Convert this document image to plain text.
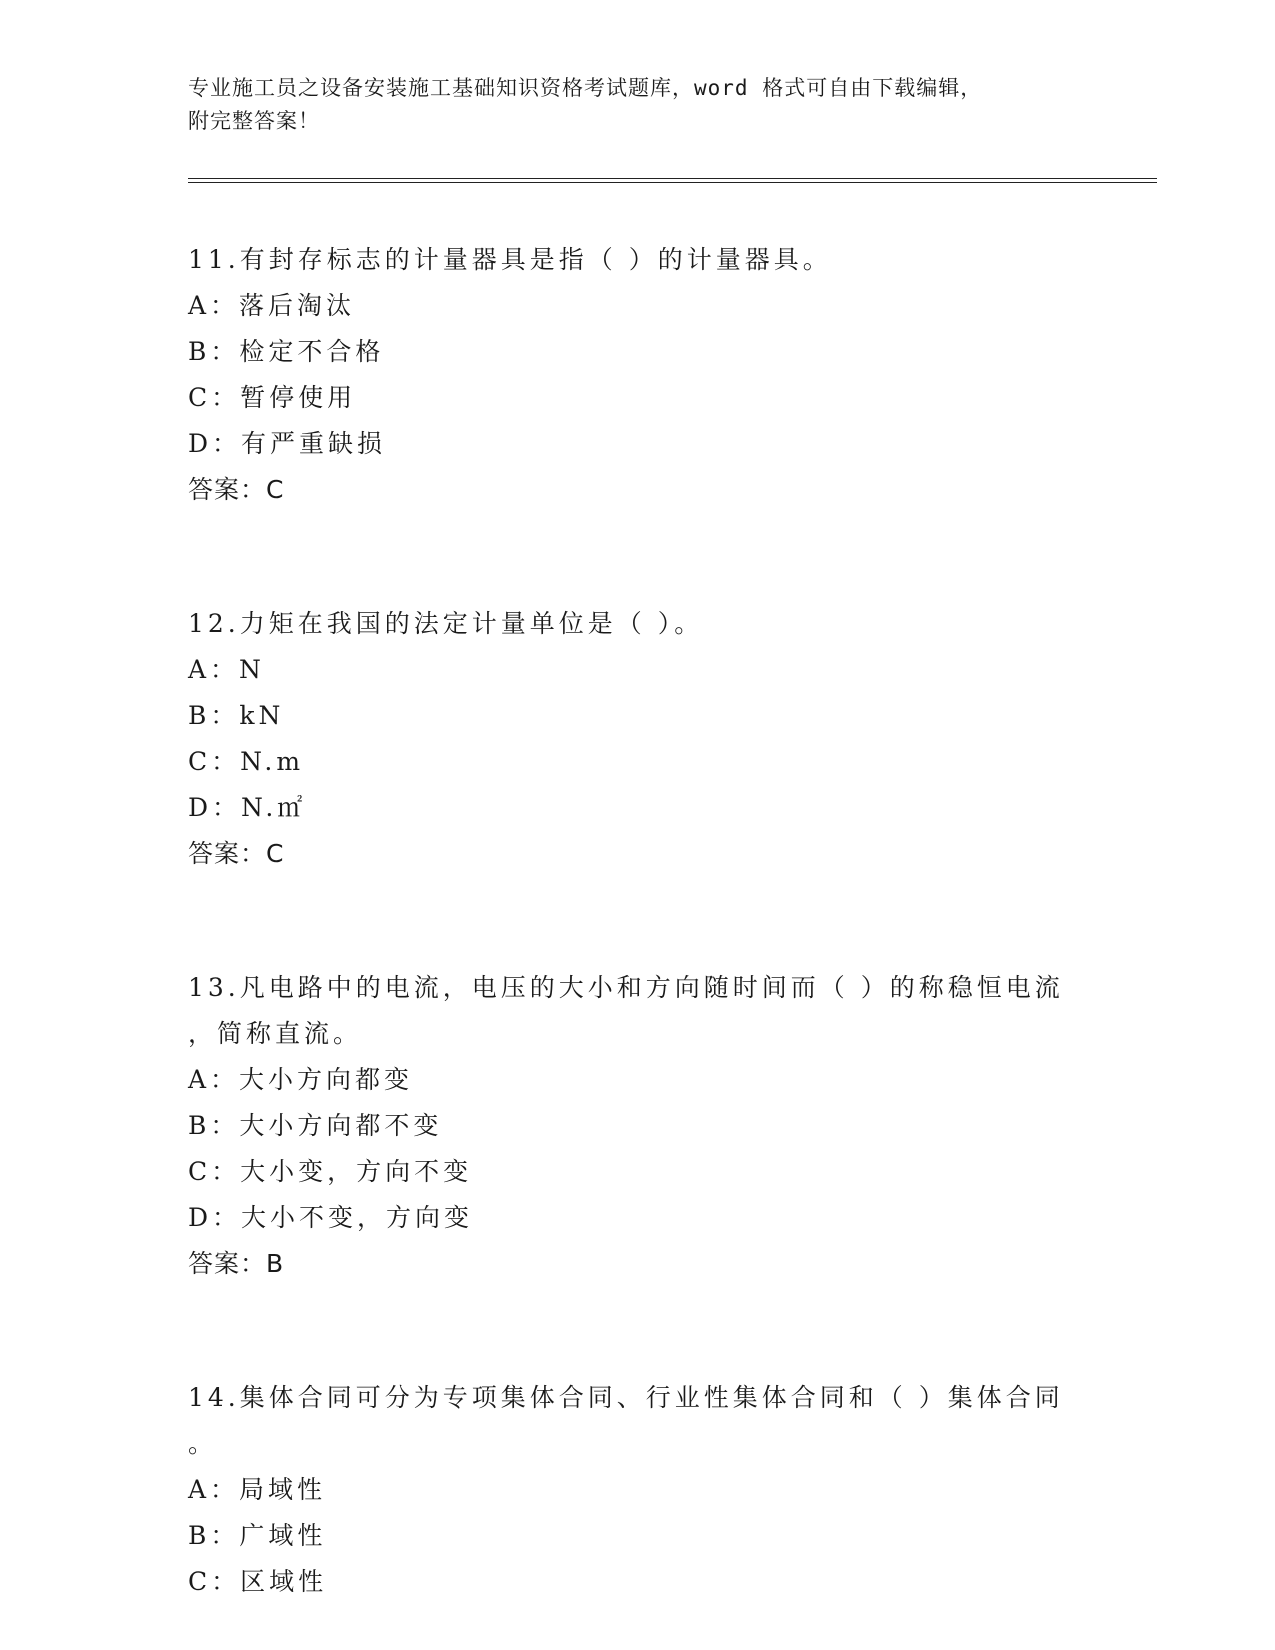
专业施工员之设备安装施工基础知识资格考试题库，word 格式可自由下载编辑，
附完整答案！
11.有封存标志的计量器具是指（ ）的计量器具。
A：落后淘汰
B：检定不合格
C：暂停使用
D：有严重缺损
答案：C
12.力矩在我国的法定计量单位是（ ）。
A：N
B：kN
C：N.m
D：N.㎡
答案：C
13.凡电路中的电流，电压的大小和方向随时间而（ ）的称稳恒电流
，简称直流。
A：大小方向都变
B：大小方向都不变
C：大小变，方向不变
D：大小不变，方向变
答案：B
14.集体合同可分为专项集体合同、行业性集体合同和（ ）集体合同
。
A：局域性
B：广域性
C：区域性
